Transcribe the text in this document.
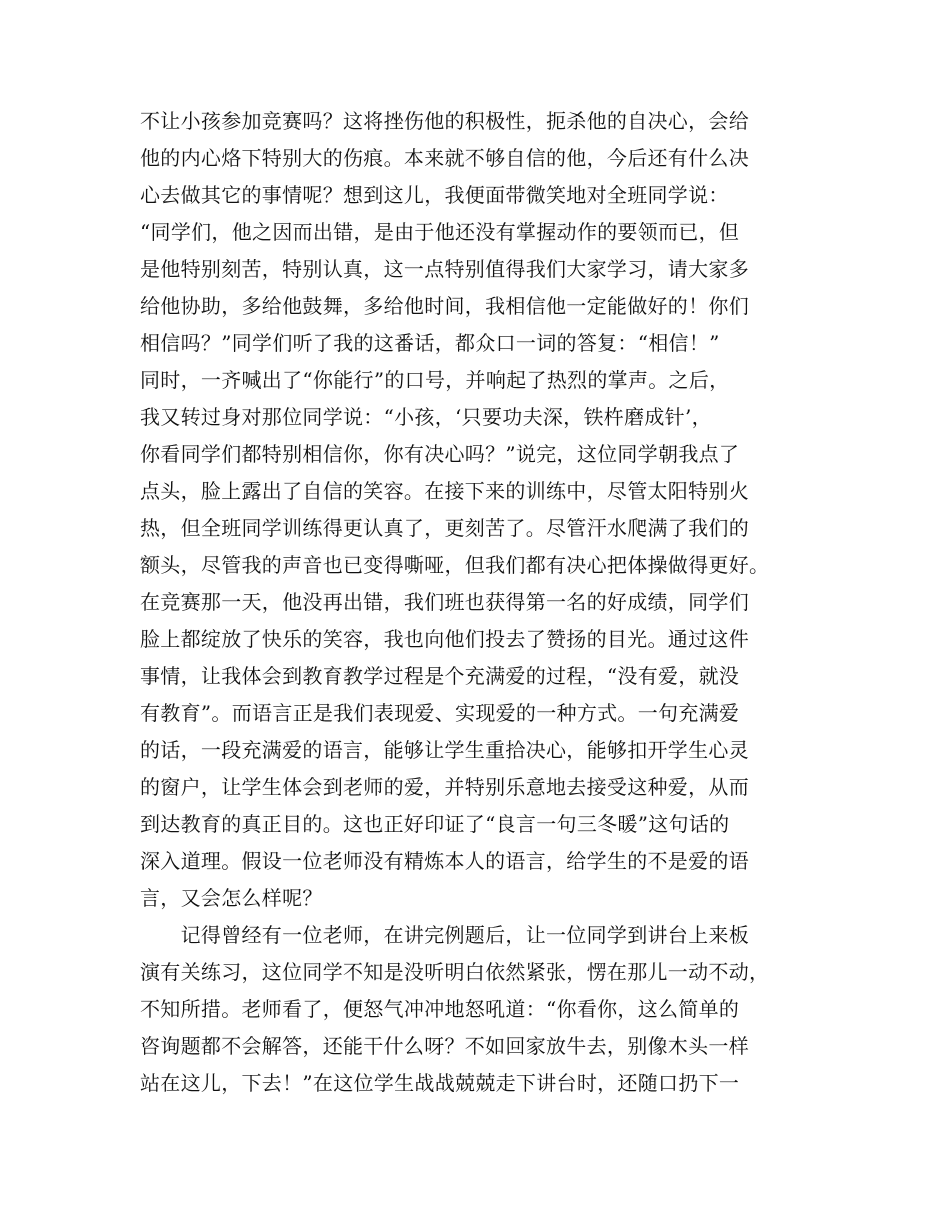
不让小孩参加竞赛吗？这将挫伤他的积极性，扼杀他的自决心，会给
他的内心烙下特别大的伤痕。本来就不够自信的他，今后还有什么决
心去做其它的事情呢？想到这儿，我便面带微笑地对全班同学说：
“同学们，他之因而出错，是由于他还没有掌握动作的要领而已，但
是他特别刻苦，特别认真，这一点特别值得我们大家学习，请大家多
给他协助，多给他鼓舞，多给他时间，我相信他一定能做好的！你们
相信吗？”同学们听了我的这番话，都众口一词的答复：“相信！”
同时，一齐喊出了“你能行”的口号，并响起了热烈的掌声。之后，
我又转过身对那位同学说：“小孩，‘只要功夫深，铁杵磨成针’，
你看同学们都特别相信你，你有决心吗？”说完，这位同学朝我点了
点头，脸上露出了自信的笑容。在接下来的训练中，尽管太阳特别火
热，但全班同学训练得更认真了，更刻苦了。尽管汗水爬满了我们的
额头，尽管我的声音也已变得嘶哑，但我们都有决心把体操做得更好。
在竞赛那一天，他没再出错，我们班也获得第一名的好成绩，同学们
脸上都绽放了快乐的笑容，我也向他们投去了赞扬的目光。通过这件
事情，让我体会到教育教学过程是个充满爱的过程，“没有爱，就没
有教育”。而语言正是我们表现爱、实现爱的一种方式。一句充满爱
的话，一段充满爱的语言，能够让学生重拾决心，能够扣开学生心灵
的窗户，让学生体会到老师的爱，并特别乐意地去接受这种爱，从而
到达教育的真正目的。这也正好印证了“良言一句三冬暖”这句话的
深入道理。假设一位老师没有精炼本人的语言，给学生的不是爱的语
言，又会怎么样呢？
　　记得曾经有一位老师，在讲完例题后，让一位同学到讲台上来板
演有关练习，这位同学不知是没听明白依然紧张，愣在那儿一动不动，
不知所措。老师看了，便怒气冲冲地怒吼道：“你看你，这么简单的
咨询题都不会解答，还能干什么呀？不如回家放牛去，别像木头一样
站在这儿，下去！”在这位学生战战兢兢走下讲台时，还随口扔下一
